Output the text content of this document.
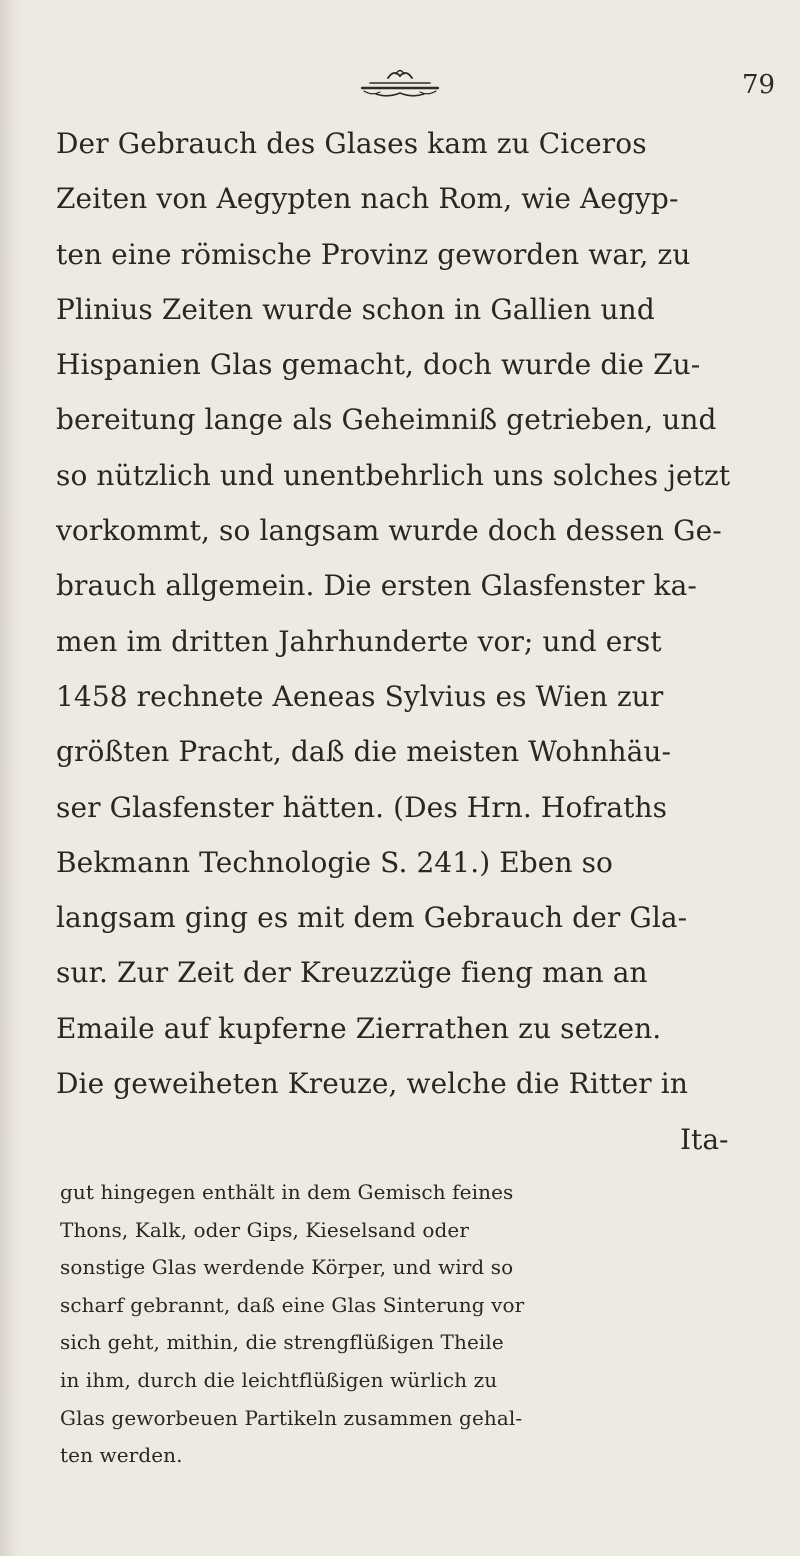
79

Der Gebrauch des Glases kam zu Ciceros
Zeiten von Aegypten nach Rom, wie Aegyp-
ten eine römische Provinz geworden war, zu
Plinius Zeiten wurde schon in Gallien und
Hispanien Glas gemacht, doch wurde die Zu-
bereitung lange als Geheimniß getrieben, und
so nützlich und unentbehrlich uns solches jetzt
vorkommt, so langsam wurde doch dessen Ge-
brauch allgemein. Die ersten Glasfenster ka-
men im dritten Jahrhunderte vor; und erst
1458 rechnete Aeneas Sylvius es Wien zur
größten Pracht, daß die meisten Wohnhäu-
ser Glasfenster hätten. (Des Hrn. Hofraths
Bekmann Technologie S. 241.) Eben so
langsam ging es mit dem Gebrauch der Gla-
sur. Zur Zeit der Kreuzzüge fieng man an
Emaile auf kupferne Zierrathen zu setzen.
Die geweiheten Kreuze, welche die Ritter in

Ita-

gut hingegen enthält in dem Gemisch feines
Thons, Kalk, oder Gips, Kieselsand oder
sonstige Glas werdende Körper, und wird so
scharf gebrannt, daß eine Glas Sinterung vor
sich geht, mithin, die strengflüßigen Theile
in ihm, durch die leichtflüßigen würlich zu
Glas geworbeuen Partikeln zusammen gehal-
ten werden.
